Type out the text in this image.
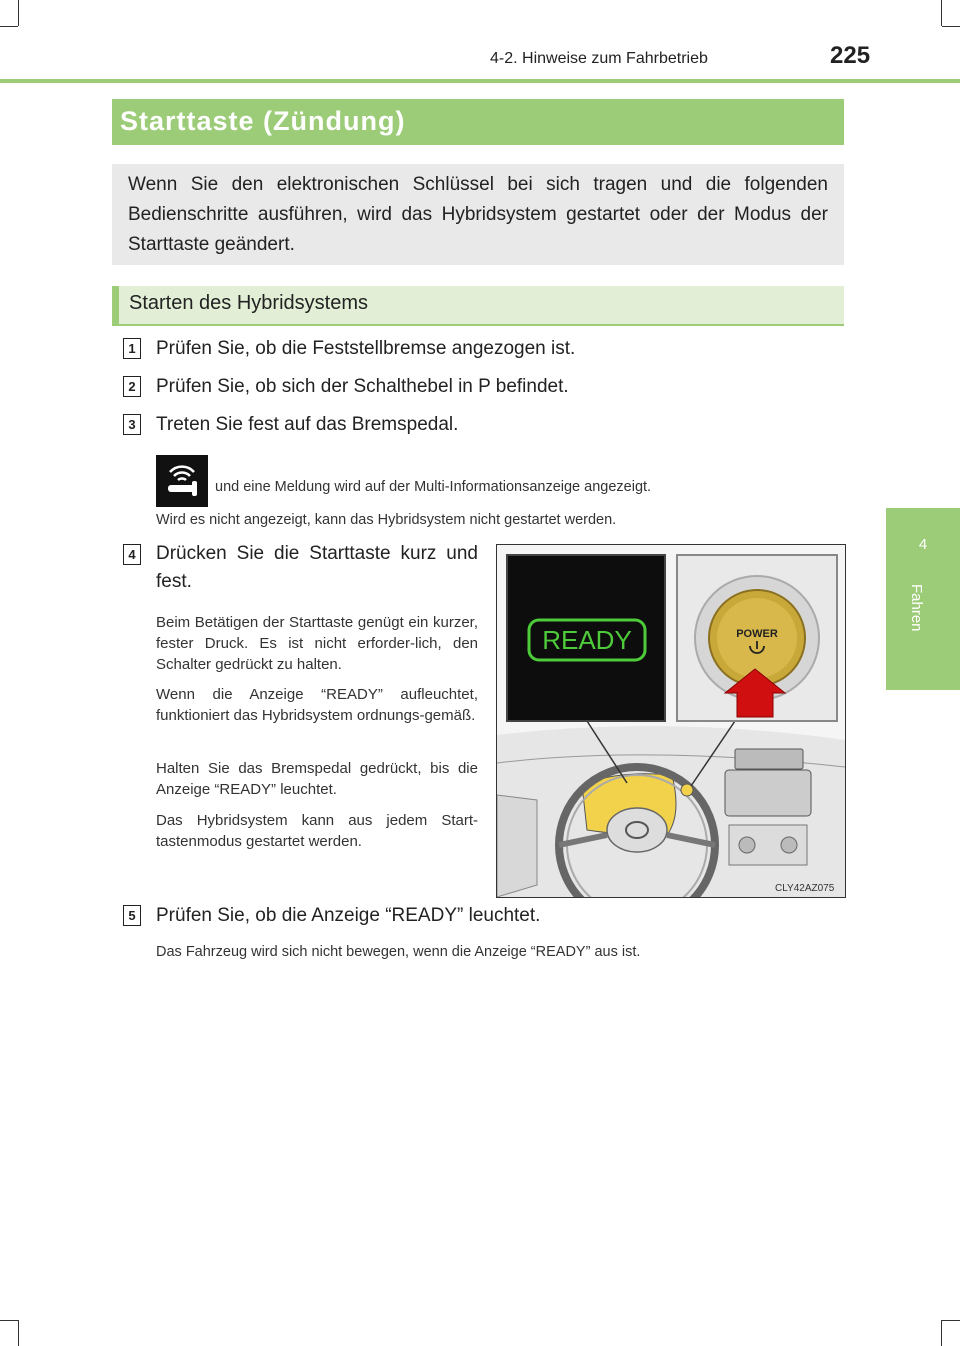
4-2. Hinweise zum Fahrbetrieb	225
4
Fahren
Starttaste (Zündung)
Wenn Sie den elektronischen Schlüssel bei sich tragen und die folgenden Bedienschritte ausführen, wird das Hybridsystem gestartet oder der Modus der Starttaste geändert.
Starten des Hybridsystems
1 Prüfen Sie, ob die Feststellbremse angezogen ist.
2 Prüfen Sie, ob sich der Schalthebel in P befindet.
3 Treten Sie fest auf das Bremspedal.
und eine Meldung wird auf der Multi-Informationsanzeige angezeigt.
Wird es nicht angezeigt, kann das Hybridsystem nicht gestartet werden.
4 Drücken Sie die Starttaste kurz und
fest.
Beim Betätigen der Starttaste genügt ein kurzer, fester Druck. Es ist nicht erforder-lich, den Schalter gedrückt zu halten.
Wenn die Anzeige “READY” aufleuchtet, funktioniert das Hybridsystem ordnungs-gemäß.
Halten Sie das Bremspedal gedrückt, bis die Anzeige “READY” leuchtet.
Das Hybridsystem kann aus jedem Start-tastenmodus gestartet werden.
READY	POWER
CLY42AZ075
5 Prüfen Sie, ob die Anzeige “READY” leuchtet.
Das Fahrzeug wird sich nicht bewegen, wenn die Anzeige “READY” aus ist.
